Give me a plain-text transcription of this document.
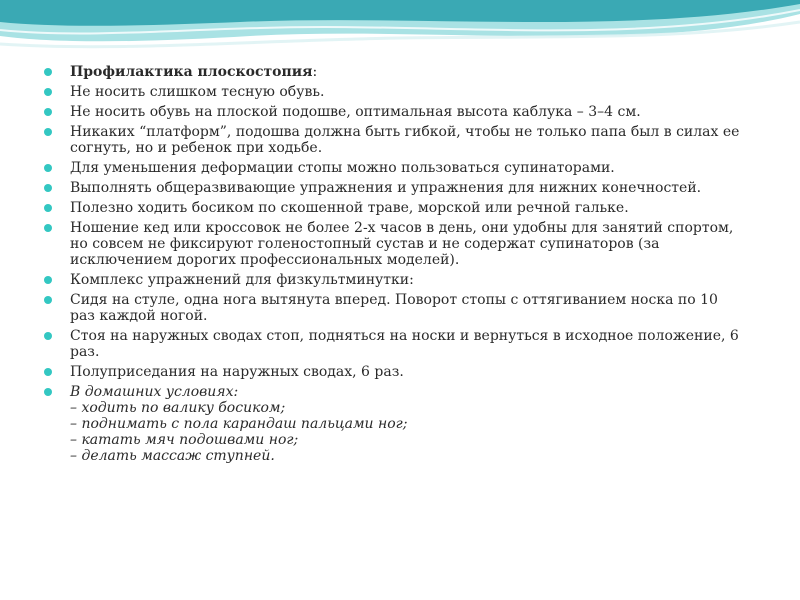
Профилактика плоскостопия:
Не носить слишком тесную обувь.
Не носить обувь на плоской подошве, оптимальная высота каблука – 3–4 см.
Никаких “платформ”, подошва должна быть гибкой, чтобы не только папа был в силах ее согнуть, но и ребенок при ходьбе.
Для уменьшения деформации стопы можно пользоваться супинаторами.
Выполнять общеразвивающие упражнения и упражнения для нижних конечностей.
Полезно ходить босиком по скошенной траве, морской или речной гальке.
Ношение кед или кроссовок не более 2-х часов в день, они удобны для занятий спортом, но совсем не фиксируют голеностопный сустав и не содержат супинаторов (за исключением дорогих профессиональных моделей).
Комплекс упражнений для физкультминутки:
Сидя на стуле, одна нога вытянута вперед. Поворот стопы с оттягиванием носка по 10 раз каждой ногой.
Стоя на наружных сводах стоп, подняться на носки и вернуться в исходное положение, 6 раз.
Полуприседания на наружных сводах, 6 раз.
В домашних условиях:
– ходить по валику босиком;
– поднимать с пола карандаш пальцами ног;
– катать мяч подошвами ног;
– делать массаж ступней.
